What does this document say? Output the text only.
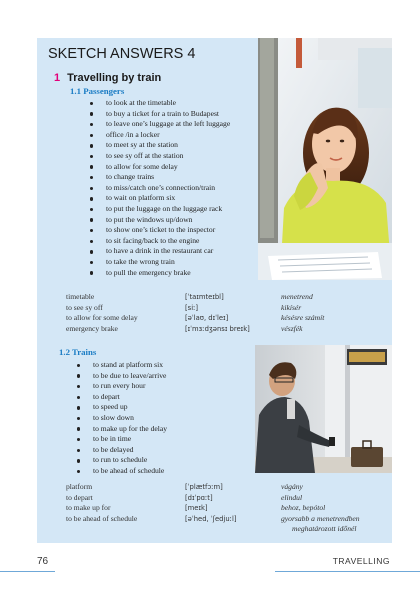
SKETCH ANSWERS 4
1 Travelling by train
1.1 Passengers
to look at the timetable
to buy a ticket for a train to Budapest
to leave one’s luggage at the left luggage
office /in a locker
to meet sy at the station
to see sy off at the station
to allow for some delay
to change trains
to miss/catch one’s connection/train
to wait on platform six
to put the luggage on the luggage rack
to put the windows up/down
to show one’s ticket to the inspector
to sit facing/back to the engine
to have a drink in the restaurant car
to take the wrong train
to pull the emergency brake
timetable	[ˈtaɪmteɪbl]	menetrend
to see sy off	[siː]	kikísér
to allow for some delay	[əˈlaʊ, dɪˈleɪ]	késésre számít
emergency brake	[ɪˈmɜːdʒənsɪ breɪk]	vészfék
1.2 Trains
to stand at platform six
to be due to leave/arrive
to run every hour
to depart
to speed up
to slow down
to make up for the delay
to be in time
to be delayed
to run to schedule
to be ahead of schedule
platform	[ˈplætfɔːm]	vágány
to depart	[dɪˈpɑːt]	elindul
to make up for	[meɪk]	behoz, bepótol
to be ahead of schedule	[əˈhed, ˈʃedjuːl]	gyorsabb a menetrendben
meghatározott időnél
76	TRAVELLING
